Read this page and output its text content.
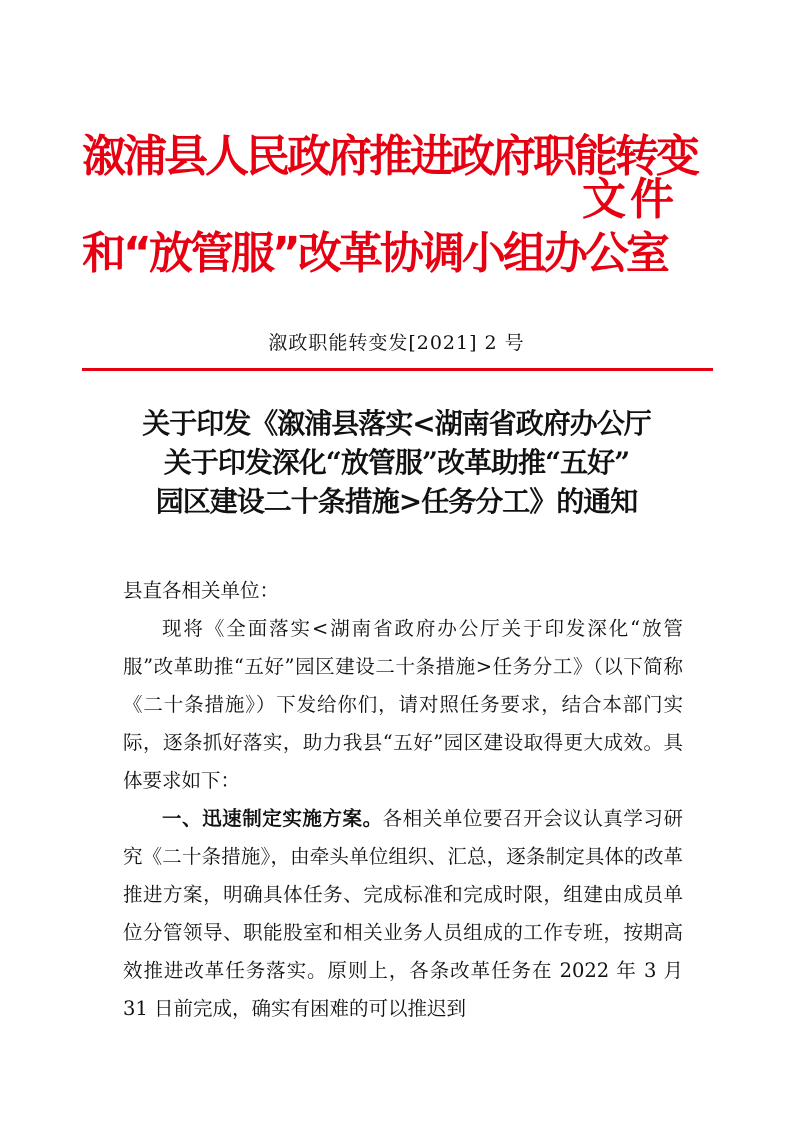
溆浦县人民政府推进政府职能转变
和“放管服”改革协调小组办公室
文件
溆政职能转变发[2021] 2 号
关于印发《溆浦县落实<湖南省政府办公厅
关于印发深化“放管服”改革助推“五好”
园区建设二十条措施>任务分工》的通知

县直各相关单位：

现将《全面落实<湖南省政府办公厅关于印发深化“放管服”改革助推“五好”园区建设二十条措施>任务分工》（以下简称《二十条措施》）下发给你们，请对照任务要求，结合本部门实际，逐条抓好落实，助力我县“五好”园区建设取得更大成效。具体要求如下：

一、迅速制定实施方案。各相关单位要召开会议认真学习研究《二十条措施》，由牵头单位组织、汇总，逐条制定具体的改革推进方案，明确具体任务、完成标准和完成时限，组建由成员单位分管领导、职能股室和相关业务人员组成的工作专班，按期高效推进改革任务落实。原则上，各条改革任务在 2022 年 3 月 31 日前完成，确实有困难的可以推迟到
